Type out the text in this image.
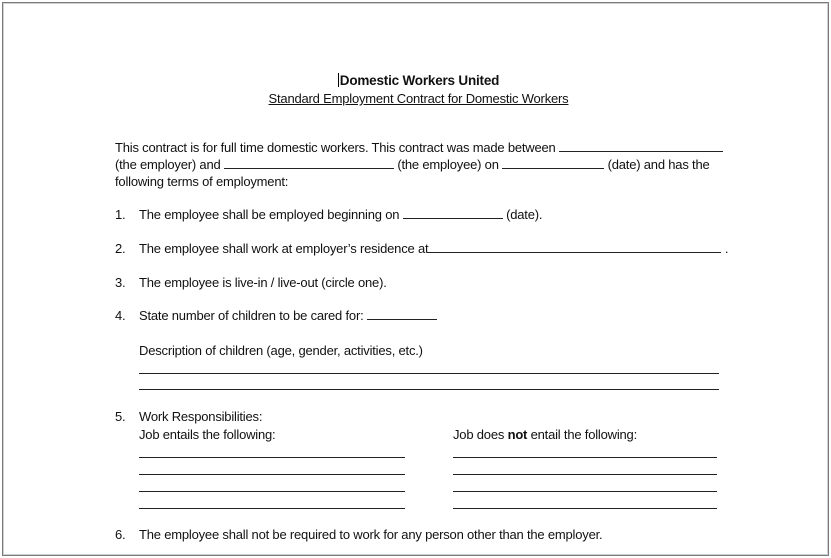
Domestic Workers United
Standard Employment Contract for Domestic Workers
This contract is for full time domestic workers. This contract was made between
(the employer) and	(the employee) on	(date) and has the
following terms of employment:
1. The employee shall be employed beginning on	(date).
2. The employee shall work at employer’s residence at	.
3. The employee is live-in / live-out (circle one).
4. State number of children to be cared for:
Description of children (age, gender, activities, etc.)
5. Work Responsibilities:
Job entails the following:	Job does not entail the following:
6. The employee shall not be required to work for any person other than the employer.
